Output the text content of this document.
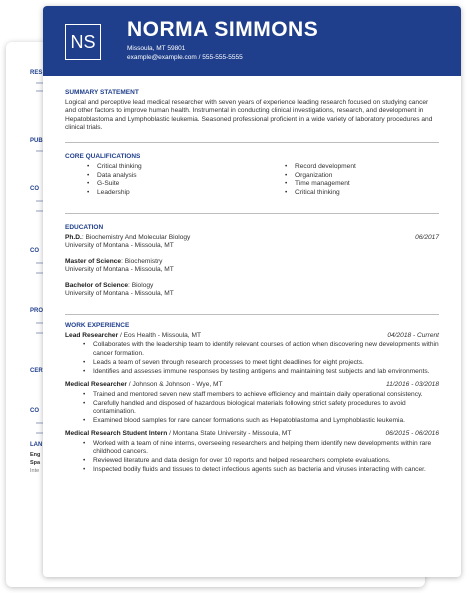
RES
PUB
CO
CO
PRO
CER
CO
LAN
Eng
Spa
Inte
NS
NORMA SIMMONS
Missoula, MT 59801
example@example.com / 555-555-5555
SUMMARY STATEMENT
Logical and perceptive lead medical researcher with seven years of experience leading research focused on studying cancer and other factors to improve human health. Instrumental in conducting clinical investigations, research, and development in Hepatoblastoma and Lymphoblastic leukemia. Seasoned professional proficient in a wide variety of laboratory procedures and clinical trials.
CORE QUALIFICATIONS
• Critical thinking
• Data analysis
• G-Suite
• Leadership
• Record development
• Organization
• Time management
• Critical thinking
EDUCATION
Ph.D.: Biochemistry And Molecular Biology	06/2017
University of Montana - Missoula, MT
Master of Science: Biochemistry
University of Montana - Missoula, MT
Bachelor of Science: Biology
University of Montana - Missoula, MT
WORK EXPERIENCE
Lead Researcher / Eos Health - Missoula, MT	04/2018 - Current
• Collaborates with the leadership team to identify relevant courses of action when discovering new developments within cancer formation.
• Leads a team of seven through research processes to meet tight deadlines for eight projects.
• Identifies and assesses immune responses by testing antigens and maintaining test subjects and lab environments.
Medical Researcher / Johnson & Johnson - Wye, MT	11/2016 - 03/2018
• Trained and mentored seven new staff members to achieve efficiency and maintain daily operational consistency.
• Carefully handled and disposed of hazardous biological materials following strict safety procedures to avoid contamination.
• Examined blood samples for rare cancer formations such as Hepatoblastoma and Lymphoblastic leukemia.
Medical Research Student Intern / Montana State University - Missoula, MT	06/2015 - 06/2016
• Worked with a team of nine interns, overseeing researchers and helping them identify new developments within rare childhood cancers.
• Reviewed literature and data design for over 10 reports and helped researchers complete evaluations.
• Inspected bodily fluids and tissues to detect infectious agents such as bacteria and viruses interacting with cancer.
